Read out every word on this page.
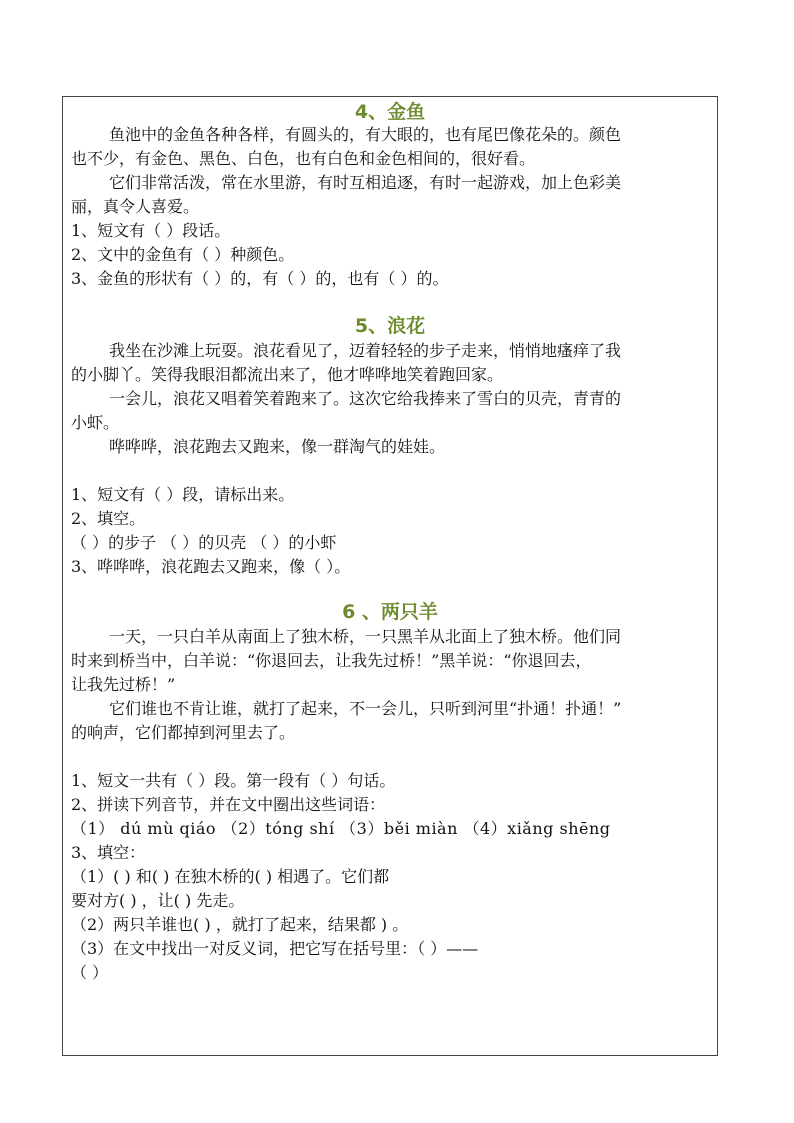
4、金鱼
鱼池中的金鱼各种各样，有圆头的，有大眼的，也有尾巴像花朵的。颜色
也不少，有金色、黑色、白色，也有白色和金色相间的，很好看。
它们非常活泼，常在水里游，有时互相追逐，有时一起游戏，加上色彩美
丽，真令人喜爱。
1、短文有（ ）段话。
2、文中的金鱼有（ ）种颜色。
3、金鱼的形状有（ ）的，有（ ）的，也有（ ）的。
5、浪花
我坐在沙滩上玩耍。浪花看见了，迈着轻轻的步子走来，悄悄地瘙痒了我
的小脚丫。笑得我眼泪都流出来了，他才哗哗地笑着跑回家。
一会儿，浪花又唱着笑着跑来了。这次它给我捧来了雪白的贝壳，青青的
小虾。
哗哗哗，浪花跑去又跑来，像一群淘气的娃娃。
1、短文有（ ）段，请标出来。
2、填空。
（ ）的步子 （ ）的贝壳 （ ）的小虾
3、哗哗哗，浪花跑去又跑来，像（ ）。
6 、两只羊
一天，一只白羊从南面上了独木桥，一只黑羊从北面上了独木桥。他们同
时来到桥当中，白羊说：“你退回去，让我先过桥！”黑羊说：“你退回去，
让我先过桥！”
它们谁也不肯让谁，就打了起来，不一会儿，只听到河里“扑通！扑通！”
的响声，它们都掉到河里去了。
1、短文一共有（ ）段。第一段有（ ）句话。
2、拼读下列音节，并在文中圈出这些词语：
（1） dú mù qiáo （2）tóng shí （3）běi miàn （4）xiǎng shēng
3、填空：
（1）( ) 和( ) 在独木桥的( ) 相遇了。它们都
要对方( ) ，让( ) 先走。
（2）两只羊谁也( ) ，就打了起来，结果都 ) 。
（3）在文中找出一对反义词，把它写在括号里：（ ）——
（ ）
